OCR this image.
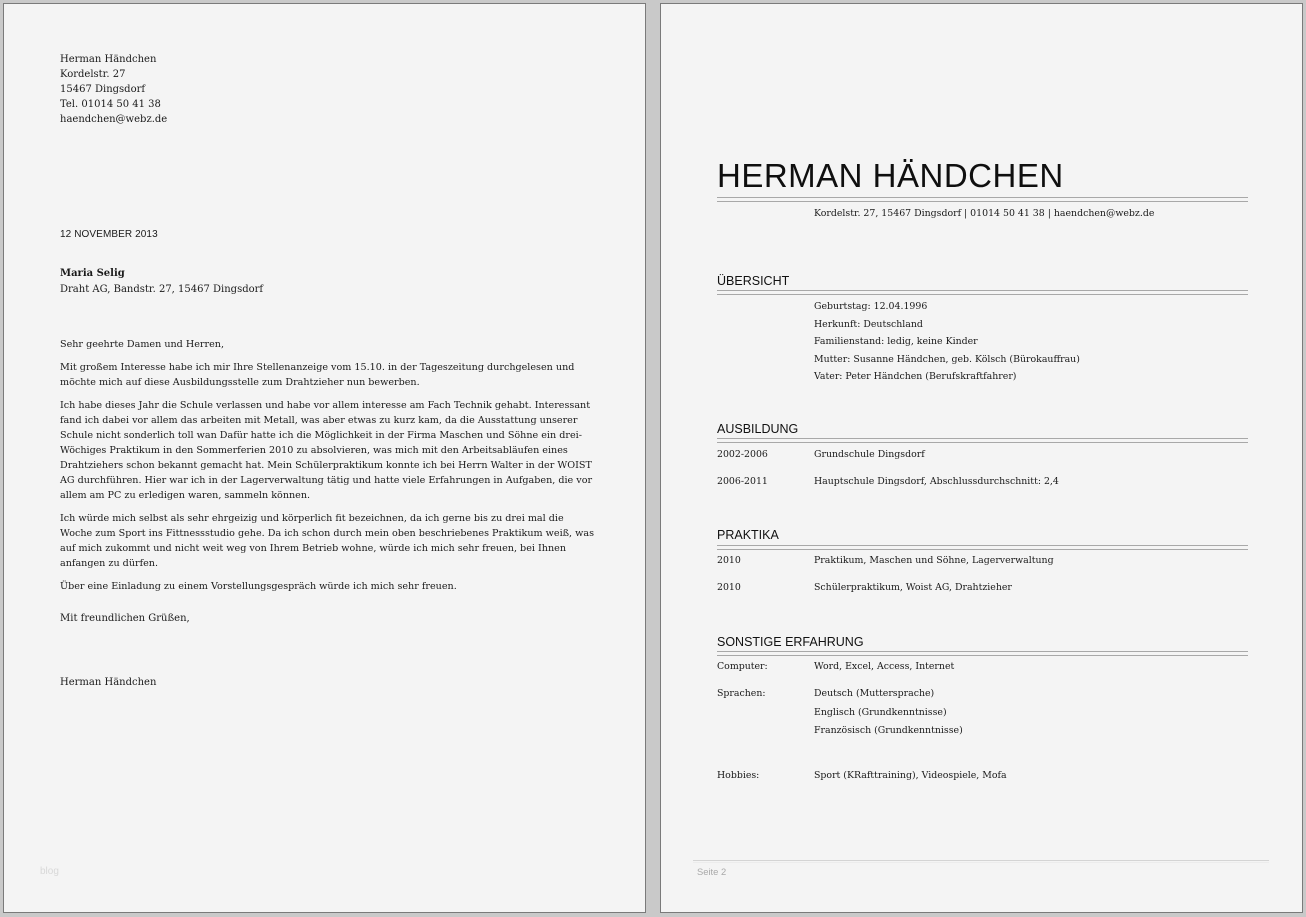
Herman Händchen
Kordelstr. 27
15467 Dingsdorf
Tel. 01014 50 41 38
haendchen@webz.de
12 NOVEMBER 2013
Maria Selig
Draht AG, Bandstr. 27, 15467 Dingsdorf

Sehr geehrte Damen und Herren,

Mit großem Interesse habe ich mir Ihre Stellenanzeige vom 15.10. in der Tageszeitung durchgelesen und möchte mich auf diese Ausbildungsstelle zum Drahtzieher nun bewerben.

Ich habe dieses Jahr die Schule verlassen und habe vor allem interesse am Fach Technik gehabt. Interessant fand ich dabei vor allem das arbeiten mit Metall, was aber etwas zu kurz kam, da die Ausstattung unserer Schule nicht sonderlich toll wan Dafür hatte ich die Möglichkeit in der Firma Maschen und Söhne ein drei-Wöchiges Praktikum in den Sommerferien 2010 zu absolvieren, was mich mit den Arbeitsabläufen eines Drahtziehers schon bekannt gemacht hat. Mein Schülerpraktikum konnte ich bei Herrn Walter in der WOIST AG durchführen. Hier war ich in der Lagerverwaltung tätig und hatte viele Erfahrungen in Aufgaben, die vor allem am PC zu erledigen waren, sammeln können.

Ich würde mich selbst als sehr ehrgeizig und körperlich fit bezeichnen, da ich gerne bis zu drei mal die Woche zum Sport ins Fittnessstudio gehe. Da ich schon durch mein oben beschriebenes Praktikum weiß, was auf mich zukommt und nicht weit weg von Ihrem Betrieb wohne, würde ich mich sehr freuen, bei Ihnen anfangen zu dürfen.

Über eine Einladung zu einem Vorstellungsgespräch würde ich mich sehr freuen.

Mit freundlichen Grüßen,
Herman Händchen
blog
HERMAN HÄNDCHEN
Kordelstr. 27, 15467 Dingsdorf | 01014 50 41 38 | haendchen@webz.de
ÜBERSICHT
Geburtstag: 12.04.1996
Herkunft: Deutschland
Familienstand: ledig, keine Kinder
Mutter: Susanne Händchen, geb. Kölsch (Bürokauffrau)
Vater: Peter Händchen (Berufskraftfahrer)
AUSBILDUNG
2002-2006	Grundschule Dingsdorf
2006-2011	Hauptschule Dingsdorf, Abschlussdurchschnitt: 2,4
PRAKTIKA
2010	Praktikum, Maschen und Söhne, Lagerverwaltung
2010	Schülerpraktikum, Woist AG, Drahtzieher
SONSTIGE ERFAHRUNG
Computer:	Word, Excel, Access, Internet
Sprachen:	Deutsch (Muttersprache)
Englisch (Grundkenntnisse)
Französisch (Grundkenntnisse)
Hobbies:	Sport (KRafttraining), Videospiele, Mofa
Seite 2
